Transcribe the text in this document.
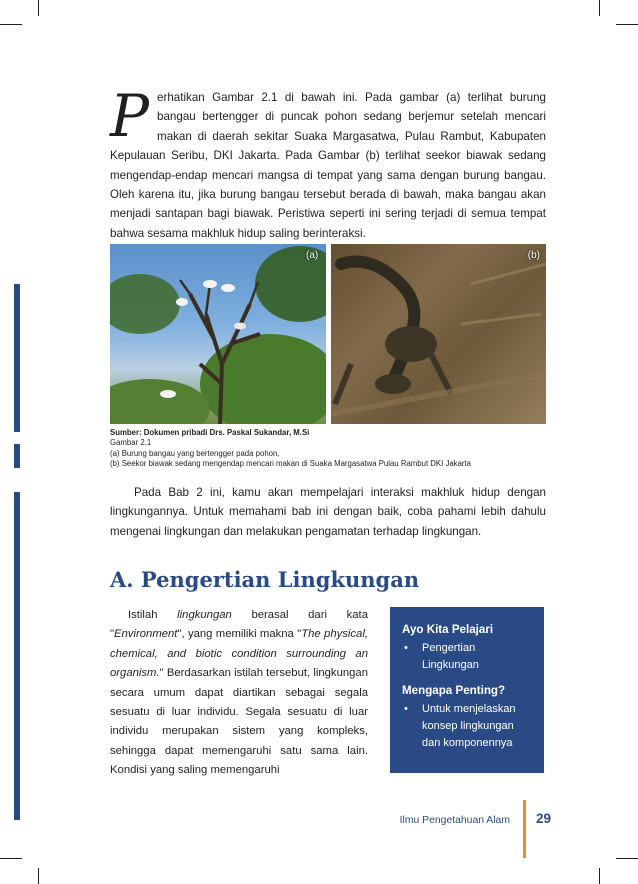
Perhatikan Gambar 2.1 di bawah ini. Pada gambar (a) terlihat burung bangau bertengger di puncak pohon sedang berjemur setelah mencari makan di daerah sekitar Suaka Margasatwa, Pulau Rambut, Kabupaten Kepulauan Seribu, DKI Jakarta. Pada Gambar (b) terlihat seekor biawak sedang mengendap-endap mencari mangsa di tempat yang sama dengan burung bangau. Oleh karena itu, jika burung bangau tersebut berada di bawah, maka bangau akan menjadi santapan bagi biawak. Peristiwa seperti ini sering terjadi di semua tempat bahwa sesama makhluk hidup saling berinteraksi.
(a)	(b)

Sumber: Dokumen pribadi Drs. Paskal Sukandar, M.Si

Gambar 2.1

(a) Burung bangau yang bertengger pada pohon,

(b) Seekor biawak sedang mengendap mencari makan di Suaka Margasatwa Pulau Rambut DKI Jakarta

Pada Bab 2 ini, kamu akan mempelajari interaksi makhluk hidup dengan lingkungannya. Untuk memahami bab ini dengan baik, coba pahami lebih dahulu mengenai lingkungan dan melakukan pengamatan terhadap lingkungan.

A. Pengertian Lingkungan

Istilah lingkungan berasal dari kata "Environment", yang memiliki makna "The physical, chemical, and biotic condition surrounding an organism." Berdasarkan istilah tersebut, lingkungan secara umum dapat diartikan sebagai segala sesuatu di luar individu. Segala sesuatu di luar individu merupakan sistem yang kompleks, sehingga dapat memengaruhi satu sama lain. Kondisi yang saling memengaruhi

Ayo Kita Pelajari
• Pengertian Lingkungan
Mengapa Penting?
• Untuk menjelaskan konsep lingkungan dan komponennya
Ilmu Pengetahuan Alam 29
